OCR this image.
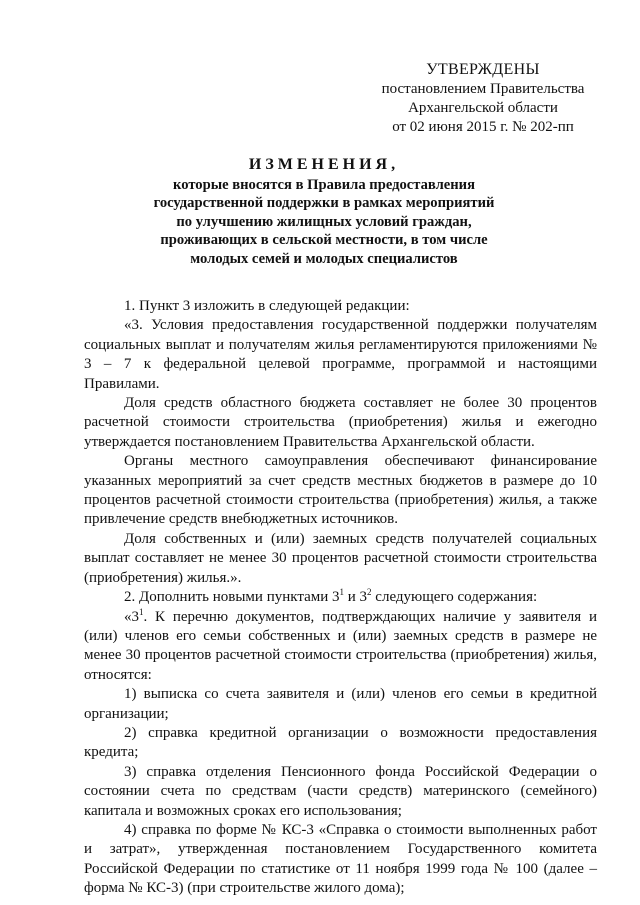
УТВЕРЖДЕНЫ
постановлением Правительства
Архангельской области
от 02 июня 2015 г. № 202-пп
ИЗМЕНЕНИЯ,
которые вносятся в Правила предоставления
государственной поддержки в рамках мероприятий
по улучшению жилищных условий граждан,
проживающих в сельской местности, в том числе
молодых семей и молодых специалистов

1. Пункт 3 изложить в следующей редакции:

«3. Условия предоставления государственной поддержки получателям социальных выплат и получателям жилья регламентируются приложениями № 3 – 7 к федеральной целевой программе, программой и настоящими Правилами.

Доля средств областного бюджета составляет не более 30 процентов расчетной стоимости строительства (приобретения) жилья и ежегодно утверждается постановлением Правительства Архангельской области.

Органы местного самоуправления обеспечивают финансирование указанных мероприятий за счет средств местных бюджетов в размере до 10 процентов расчетной стоимости строительства (приобретения) жилья, а также привлечение средств внебюджетных источников.

Доля собственных и (или) заемных средств получателей социальных выплат составляет не менее 30 процентов расчетной стоимости строительства (приобретения) жилья.».

2. Дополнить новыми пунктами $3^1$ и $3^2$ следующего содержания:

«$3^1$. К перечню документов, подтверждающих наличие у заявителя и (или) членов его семьи собственных и (или) заемных средств в размере не менее 30 процентов расчетной стоимости строительства (приобретения) жилья, относятся:

1) выписка со счета заявителя и (или) членов его семьи в кредитной организации;

2) справка кредитной организации о возможности предоставления кредита;

3) справка отделения Пенсионного фонда Российской Федерации о состоянии счета по средствам (части средств) материнского (семейного) капитала и возможных сроках его использования;

4) справка по форме № КС-3 «Справка о стоимости выполненных работ и затрат», утвержденная постановлением Государственного комитета Российской Федерации по статистике от 11 ноября 1999 года № 100 (далее – форма № КС-3) (при строительстве жилого дома);
